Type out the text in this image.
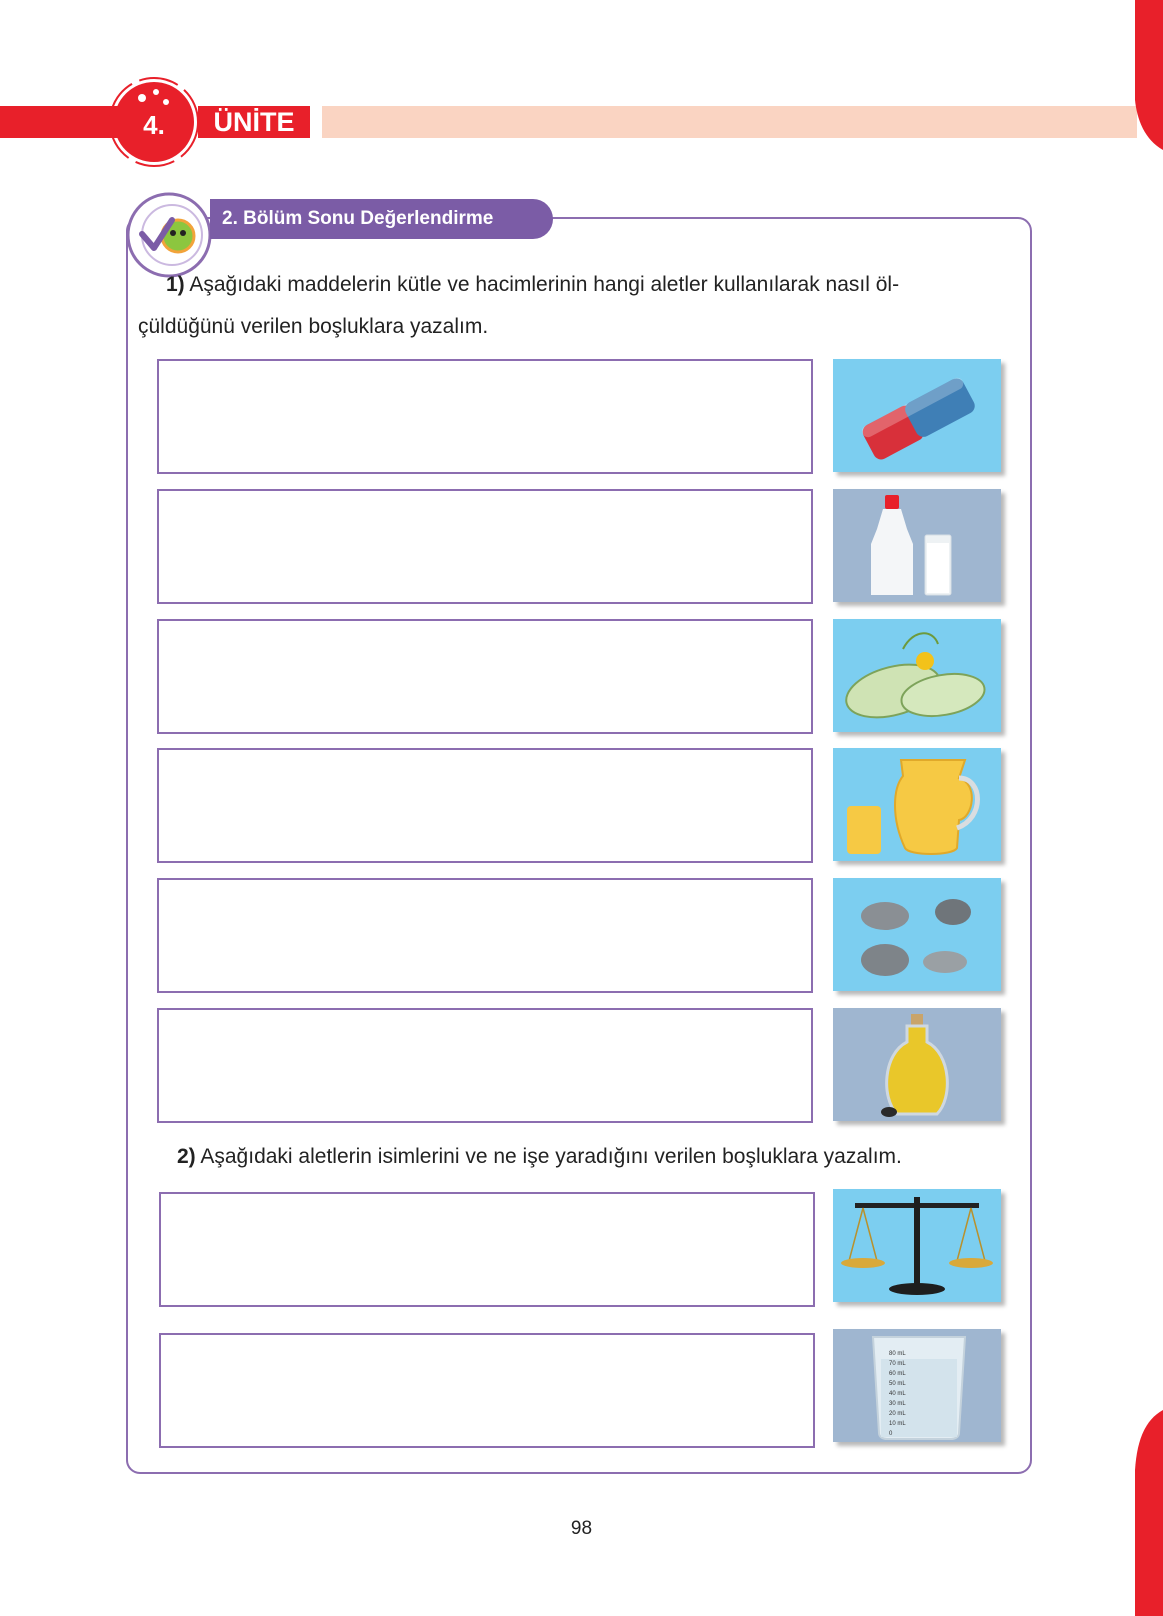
4.	ÜNİTE
2. Bölüm Sonu Değerlendirme
1) Aşağıdaki maddelerin kütle ve hacimlerinin hangi aletler kullanılarak nasıl öl-
çüldüğünü verilen boşluklara yazalım.
2) Aşağıdaki aletlerin isimlerini ve ne işe yaradığını verilen boşluklara yazalım.
80 mL
70 mL
60 mL
50 mL
40 mL
30 mL
20 mL
10 mL
0
98
